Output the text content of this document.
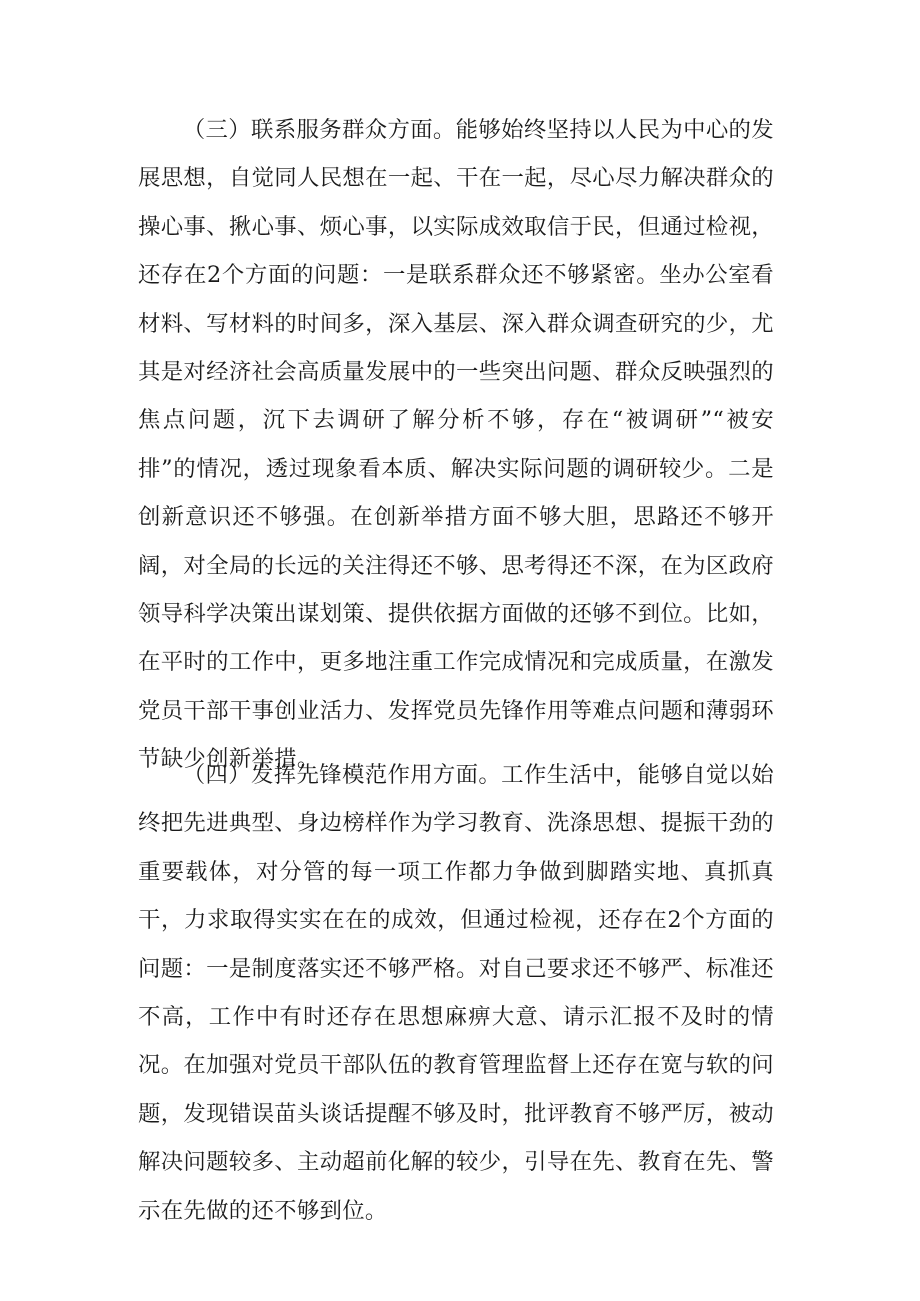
（三）联系服务群众方面。能够始终坚持以人民为中心的发展思想，自觉同人民想在一起、干在一起，尽心尽力解决群众的操心事、揪心事、烦心事，以实际成效取信于民，但通过检视，还存在2个方面的问题：一是联系群众还不够紧密。坐办公室看材料、写材料的时间多，深入基层、深入群众调查研究的少，尤其是对经济社会高质量发展中的一些突出问题、群众反映强烈的焦点问题，沉下去调研了解分析不够，存在“被调研”“被安排”的情况，透过现象看本质、解决实际问题的调研较少。二是创新意识还不够强。在创新举措方面不够大胆，思路还不够开阔，对全局的长远的关注得还不够、思考得还不深，在为区政府领导科学决策出谋划策、提供依据方面做的还够不到位。比如，在平时的工作中，更多地注重工作完成情况和完成质量，在激发党员干部干事创业活力、发挥党员先锋作用等难点问题和薄弱环节缺少创新举措。

（四）发挥先锋模范作用方面。工作生活中，能够自觉以始终把先进典型、身边榜样作为学习教育、洗涤思想、提振干劲的重要载体，对分管的每一项工作都力争做到脚踏实地、真抓真干，力求取得实实在在的成效，但通过检视，还存在2个方面的问题：一是制度落实还不够严格。对自己要求还不够严、标准还不高，工作中有时还存在思想麻痹大意、请示汇报不及时的情况。在加强对党员干部队伍的教育管理监督上还存在宽与软的问题，发现错误苗头谈话提醒不够及时，批评教育不够严厉，被动解决问题较多、主动超前化解的较少，引导在先、教育在先、警示在先做的还不够到位。
